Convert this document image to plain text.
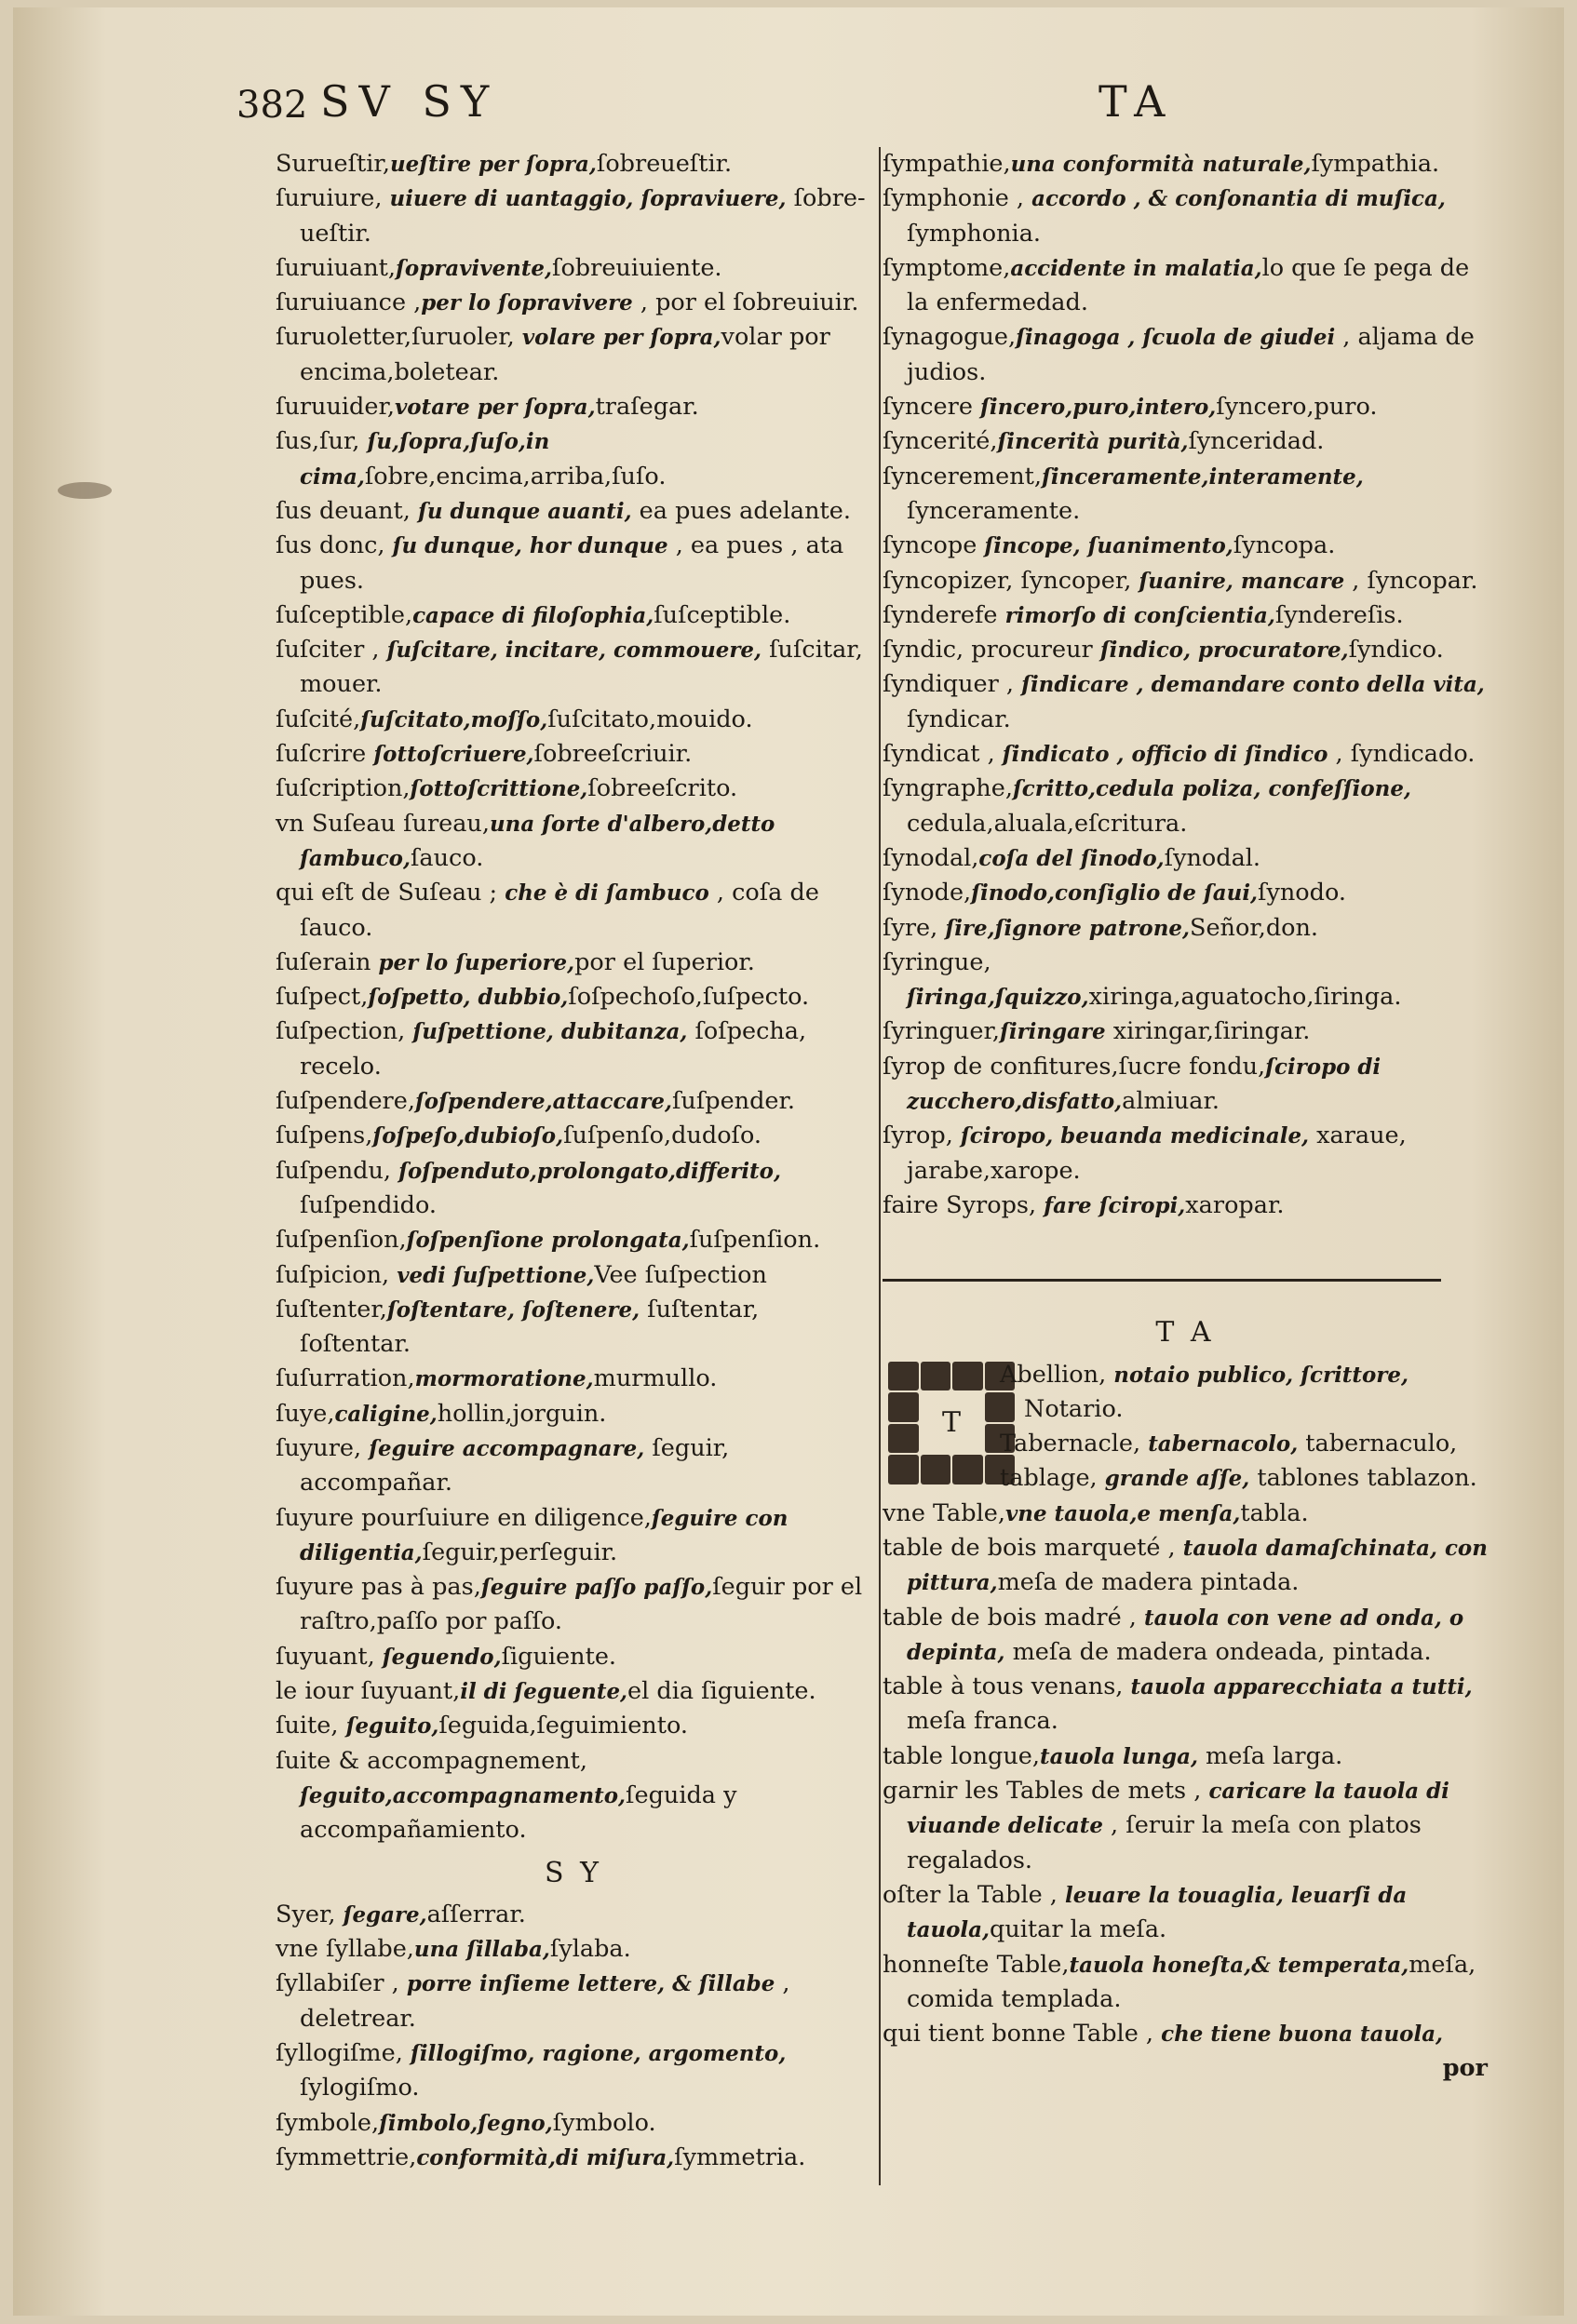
382 SV SY	TA

Surueſtir,ueſtire per ſopra,ſobreueſtir.

ſuruiure, uiuere di uantaggio, ſopraviuere, ſobre-ueſtir.

ſuruiuant,ſopravivente,ſobreuiuiente.

ſuruiuance ,per lo ſopravivere , por el ſobreuiuir.

ſuruoletter,ſuruoler, volare per ſopra,volar por encima,boletear.

ſuruuider,votare per ſopra,traſegar.

ſus,ſur, ſu,ſopra,ſuſo,in cima,ſobre,encima,arriba,ſuſo.

ſus deuant, ſu dunque auanti, ea pues adelante.

ſus donc, ſu dunque, hor dunque , ea pues , ata pues.

ſuſceptible,capace di filoſophia,ſuſceptible.

ſuſciter , ſuſcitare, incitare, commouere, ſuſcitar, mouer.

ſuſcité,ſuſcitato,moſſo,ſuſcitato,mouido.

ſuſcrire ſottoſcriuere,ſobreeſcriuir.

ſuſcription,ſottoſcrittione,ſobreeſcrito.

vn Suſeau ſureau,una ſorte d'albero,detto ſambuco,ſauco.

qui eſt de Suſeau ; che è di ſambuco , coſa de ſauco.

ſuſerain per lo ſuperiore,por el ſuperior.

ſuſpect,ſoſpetto, dubbio,ſoſpechoſo,ſuſpecto.

ſuſpection, ſuſpettione, dubitanza, ſoſpecha, recelo.

ſuſpendere,ſoſpendere,attaccare,ſuſpender.

ſuſpens,ſoſpeſo,dubioſo,ſuſpenſo,dudoſo.

ſuſpendu, ſoſpenduto,prolongato,differito, ſuſpendido.

ſuſpenſion,ſoſpenſione prolongata,ſuſpenſion.

ſuſpicion, vedi ſuſpettione,Vee ſuſpection

ſuſtenter,ſoſtentare, ſoſtenere, ſuſtentar, ſoſtentar.

ſuſurration,mormoratione,murmullo.

ſuye,caligine,hollin,jorguin.

ſuyure, ſeguire accompagnare, ſeguir, accompañar.

ſuyure pourſuiure en diligence,ſeguire con diligentia,ſeguir,perſeguir.

ſuyure pas à pas,ſeguire paſſo paſſo,ſeguir por el raſtro,paſſo por paſſo.

ſuyuant, ſeguendo,ſiguiente.

le iour ſuyuant,il di ſeguente,el dia ſiguiente.

ſuite, ſeguito,ſeguida,ſeguimiento.

ſuite & accompagnement, ſeguito,accompagnamento,ſeguida y accompañamiento.

S Y

Syer, ſegare,aſſerrar.

vne ſyllabe,una ſillaba,ſylaba.

ſyllabiſer , porre inſieme lettere, & ſillabe , deletrear.

ſyllogiſme, ſillogiſmo, ragione, argomento, ſylogiſmo.

ſymbole,ſimbolo,ſegno,ſymbolo.

ſymmettrie,conformità,di miſura,ſymmetria.

ſympathie,una conformità naturale,ſympathia.

ſymphonie , accordo , & conſonantia di muſica, ſymphonia.

ſymptome,accidente in malatia,lo que ſe pega de la enfermedad.

ſynagogue,ſinagoga , ſcuola de giudei , aljama de judios.

ſyncere ſincero,puro,intero,ſyncero,puro.

ſyncerité,ſincerità purità,ſynceridad.

ſyncerement,ſinceramente,interamente, ſynceramente.

ſyncope ſincope, ſuanimento,ſyncopa.

ſyncopizer, ſyncoper, ſuanire, mancare , ſyncopar.

ſynderefe rimorſo di conſcientia,ſyndereſis.

ſyndic, procureur ſindico, procuratore,ſyndico.

ſyndiquer , ſindicare , demandare conto della vita, ſyndicar.

ſyndicat , ſindicato , officio di ſindico , ſyndicado.

ſyngraphe,ſcritto,cedula poliza, confeſſione, cedula,aluala,eſcritura.

ſynodal,coſa del ſinodo,ſynodal.

ſynode,ſinodo,conſiglio de ſaui,ſynodo.

ſyre, ſire,ſignore patrone,Señor,don.

ſyringue, ſiringa,ſquizzo,xiringa,aguatocho,ſiringa.

ſyringuer,ſiringare xiringar,ſiringar.

ſyrop de confitures,ſucre fondu,ſciropo di zucchero,disfatto,almiuar.

ſyrop, ſciropo, beuanda medicinale, xaraue, jarabe,xarope.

faire Syrops, fare ſciropi,xaropar.

T A
T

Abellion, notaio publico, ſcrittore, Notario.

Tabernacle, tabernacolo, tabernaculo,

tablage, grande aſſe, tablones tablazon.

vne Table,vne tauola,e menſa,tabla.

table de bois marqueté , tauola damaſchinata, con pittura,meſa de madera pintada.

table de bois madré , tauola con vene ad onda, o depinta, meſa de madera ondeada, pintada.

table à tous venans, tauola apparecchiata a tutti, meſa franca.

table longue,tauola lunga, meſa larga.

garnir les Tables de mets , caricare la tauola di viuande delicate , ſeruir la meſa con platos regalados.

oſter la Table , leuare la touaglia, leuarſi da tauola,quitar la meſa.

honneſte Table,tauola honeſta,& temperata,meſa, comida templada.

qui tient bonne Table , che tiene buona tauola,

por
